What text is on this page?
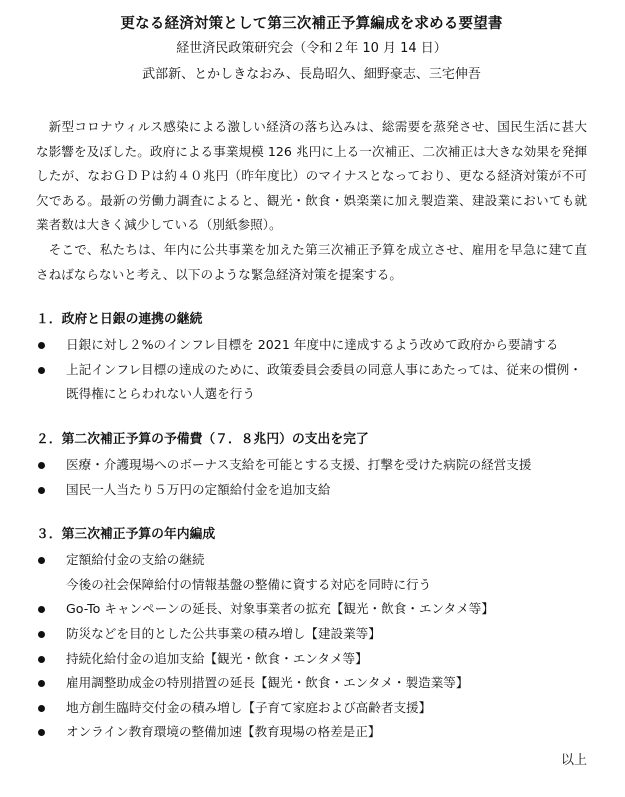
更なる経済対策として第三次補正予算編成を求める要望書
経世済民政策研究会（令和２年 10 月 14 日）
武部新、とかしきなおみ、長島昭久、細野豪志、三宅伸吾

新型コロナウィルス感染による激しい経済の落ち込みは、総需要を蒸発させ、国民生活に甚大な影響を及ぼした。政府による事業規模 126 兆円に上る一次補正、二次補正は大きな効果を発揮したが、なおＧＤＰは約４０兆円（昨年度比）のマイナスとなっており、更なる経済対策が不可欠である。最新の労働力調査によると、観光・飲食・娯楽業に加え製造業、建設業においても就業者数は大きく減少している（別紙参照）。

そこで、私たちは、年内に公共事業を加えた第三次補正予算を成立させ、雇用を早急に建て直さねばならないと考え、以下のような緊急経済対策を提案する。

１．政府と日銀の連携の継続
日銀に対し２%のインフレ目標を 2021 年度中に達成するよう改めて政府から要請する
上記インフレ目標の達成のために、政策委員会委員の同意人事にあたっては、従来の慣例・既得権にとらわれない人選を行う
２．第二次補正予算の予備費（７．８兆円）の支出を完了
医療・介護現場へのボーナス支給を可能とする支援、打撃を受けた病院の経営支援
国民一人当たり５万円の定額給付金を追加支給
３．第三次補正予算の年内編成
定額給付金の支給の継続
今後の社会保障給付の情報基盤の整備に資する対応を同時に行う
Go-To キャンペーンの延長、対象事業者の拡充【観光・飲食・エンタメ等】
防災などを目的とした公共事業の積み増し【建設業等】
持続化給付金の追加支給【観光・飲食・エンタメ等】
雇用調整助成金の特別措置の延長【観光・飲食・エンタメ・製造業等】
地方創生臨時交付金の積み増し【子育て家庭および高齢者支援】
オンライン教育環境の整備加速【教育現場の格差是正】
以上
